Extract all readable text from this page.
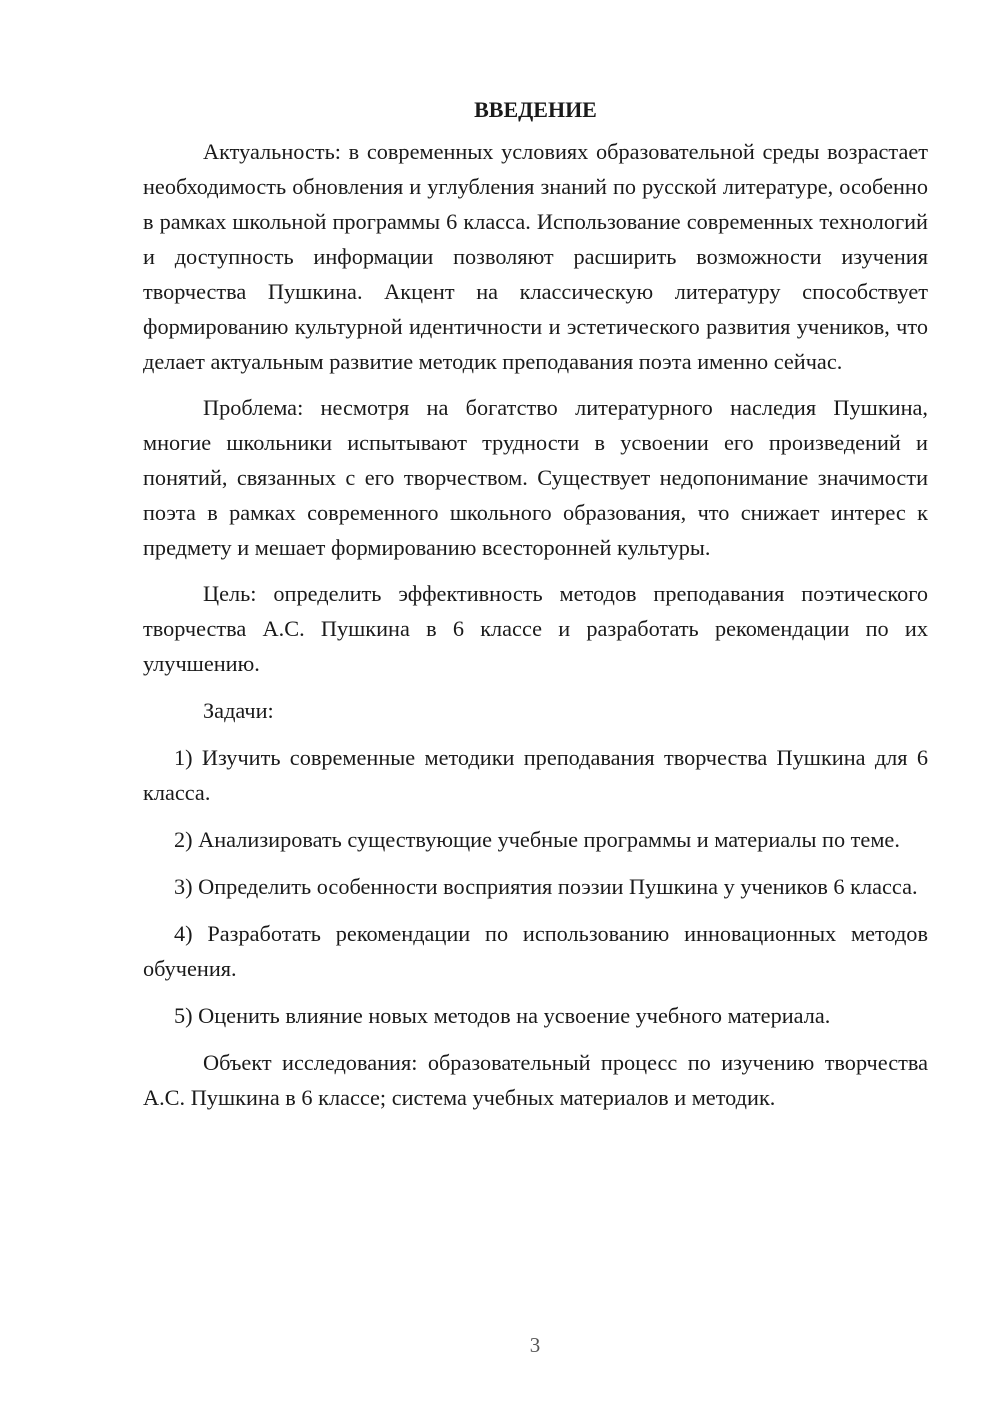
ВВЕДЕНИЕ

Актуальность: в современных условиях образовательной среды возрастает необходимость обновления и углубления знаний по русской литературе, особенно в рамках школьной программы 6 класса. Использование современных технологий и доступность информации позволяют расширить возможности изучения творчества Пушкина. Акцент на классическую литературу способствует формированию культурной идентичности и эстетического развития учеников, что делает актуальным развитие методик преподавания поэта именно сейчас.

Проблема: несмотря на богатство литературного наследия Пушкина, многие школьники испытывают трудности в усвоении его произведений и понятий, связанных с его творчеством. Существует недопонимание значимости поэта в рамках современного школьного образования, что снижает интерес к предмету и мешает формированию всесторонней культуры.

Цель: определить эффективность методов преподавания поэтического творчества А.С. Пушкина в 6 классе и разработать рекомендации по их улучшению.

Задачи:

1) Изучить современные методики преподавания творчества Пушкина для 6 класса.

2) Анализировать существующие учебные программы и материалы по теме.

3) Определить особенности восприятия поэзии Пушкина у учеников 6 класса.

4) Разработать рекомендации по использованию инновационных методов обучения.

5) Оценить влияние новых методов на усвоение учебного материала.

Объект исследования: образовательный процесс по изучению творчества А.С. Пушкина в 6 классе; система учебных материалов и методик.

3
